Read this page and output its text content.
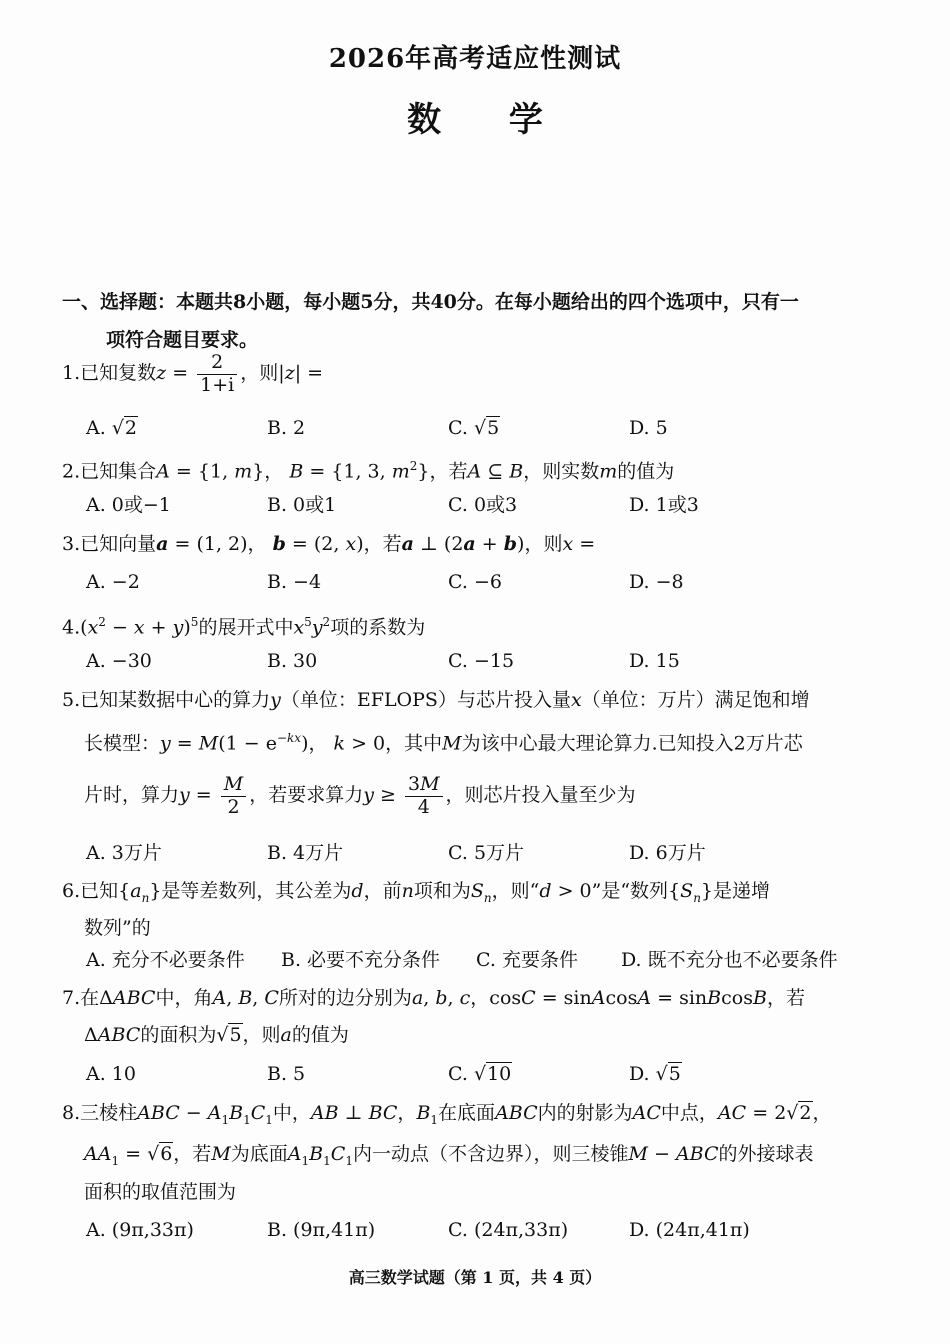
2026年高考适应性测试
数 学
一、选择题：本题共8小题，每小题5分，共40分。在每小题给出的四个选项中，只有一
项符合题目要求。
1.已知复数$z = \frac{2}{1+i}$ ，则|z| =
A. √2	B. 2	C. √5	D. 5
2.已知集合A = {1, m}， B = {1, 3, $m^2$}，若A ⊆ B，则实数m的值为
A. 0或−1	B. 0或1	C. 0或3	D. 1或3
3.已知向量a = (1, 2)， b = (2, x)，若a ⊥ (2a + b)，则x =
A. −2	B. −4	C. −6	D. −8
$4.(x^2 - x + y)^5$的展开式中$x^5y^2$项的系数为
A. −30	B. 30	C. −15	D. 15
5.已知某数据中心的算力y（单位：EFLOPS）与芯片投入量x（单位：万片）满足饱和增
长模型：$y = M(1 - e^{-kx})$， k > 0，其中M为该中心最大理论算力.已知投入2万片芯
片时，算力$y = \frac{M}{2}$ ，若要求算力$y \ge \frac{3M}{4}$ ，则芯片投入量至少为
A. 3万片	B. 4万片	C. 5万片	D. 6万片
6.已知$\{a_n\}$是等差数列，其公差为d，前n项和为$S_n$，则“d > 0”是“数列$\{S_n\}$是递增
数列”的
A. 充分不必要条件 B. 必要不充分条件 C. 充要条件 D. 既不充分也不必要条件
7.在ΔABC中，角A, B, C所对的边分别为a, b, c，cosC = sinAcosA = sinBcosB，若
ΔABC的面积为√5，则a的值为
A. 10	B. 5	C. √10	D. √5
8.三棱柱ABC − $A_1B_1C_1$中，AB ⊥ BC，$B_1$在底面ABC内的射影为AC中点，AC = 2√2，
$AA_1 = √6$，若M为底面$A_1B_1C_1$内一动点（不含边界），则三棱锥M − ABC的外接球表
面积的取值范围为
A. (9π,33π)	B. (9π,41π)	C. (24π,33π)	D. (24π,41π)
高三数学试题（第 1 页，共 4 页）
